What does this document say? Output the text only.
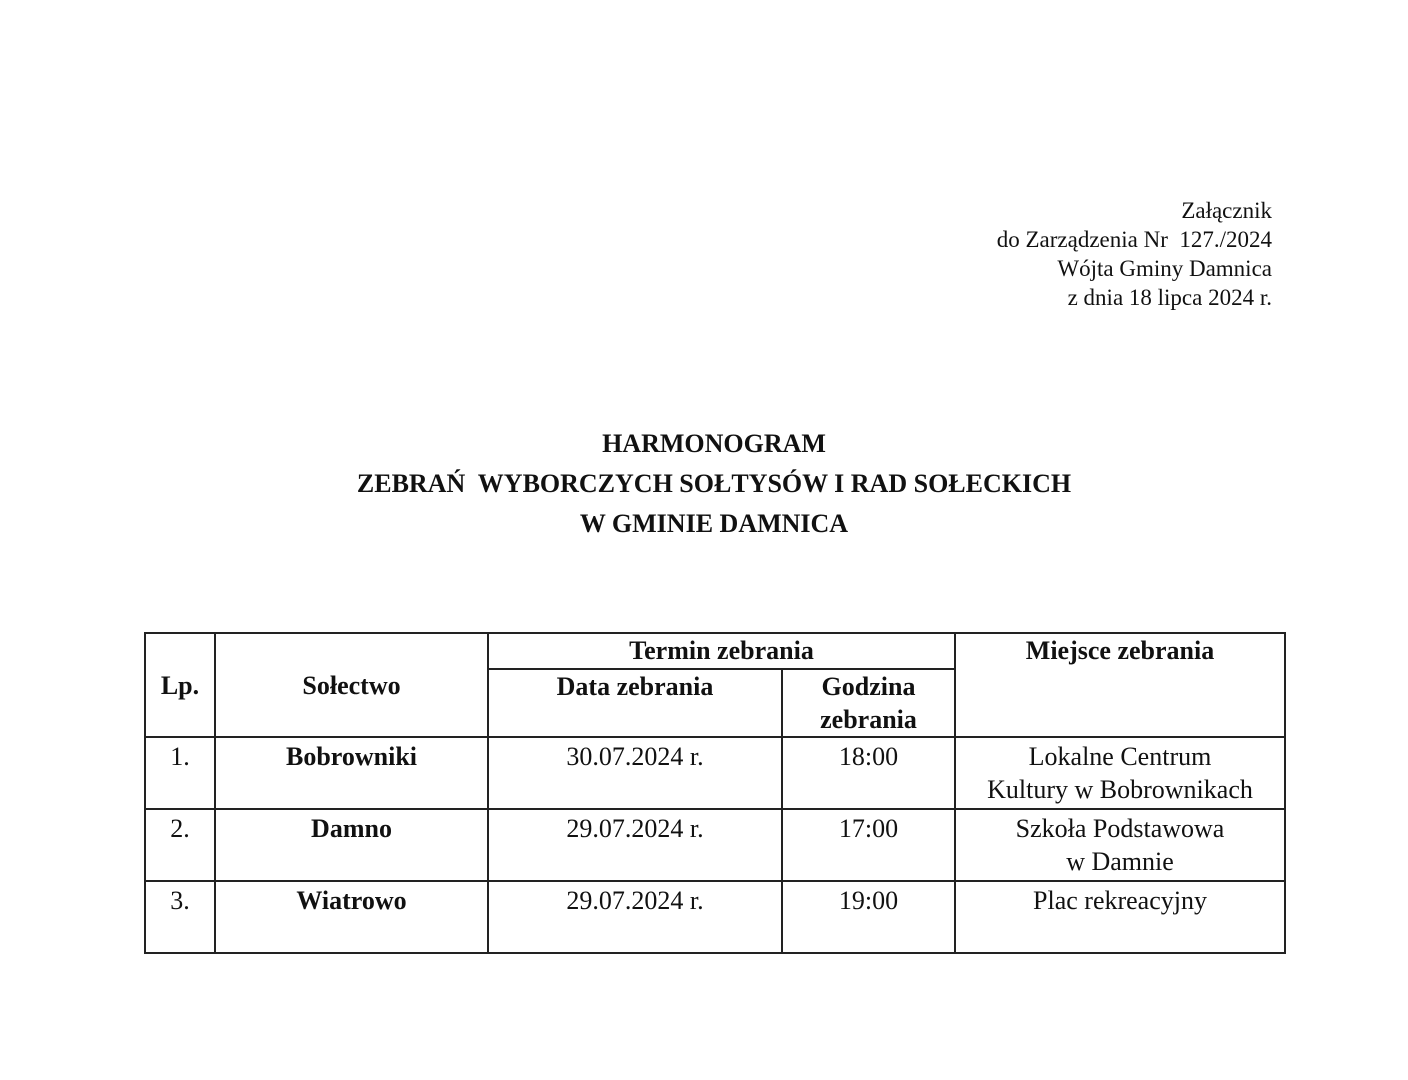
Załącznik
do Zarządzenia Nr  127./2024
Wójta Gminy Damnica
z dnia 18 lipca 2024 r.
HARMONOGRAM
ZEBRAŃ  WYBORCZYCH SOŁTYSÓW I RAD SOŁECKICH
W GMINIE DAMNICA
Lp.	Sołectwo	Termin zebrania		Miejsce zebrania
		Data zebrania	Godzina
zebrania	

1.	Bobrowniki	30.07.2024 r.	18:00	Lokalne Centrum
Kultury w Bobrownikach

2.	Damno	29.07.2024 r.	17:00	Szkoła Podstawowa
w Damnie

3.	Wiatrowo	29.07.2024 r.	19:00	Plac rekreacyjny
